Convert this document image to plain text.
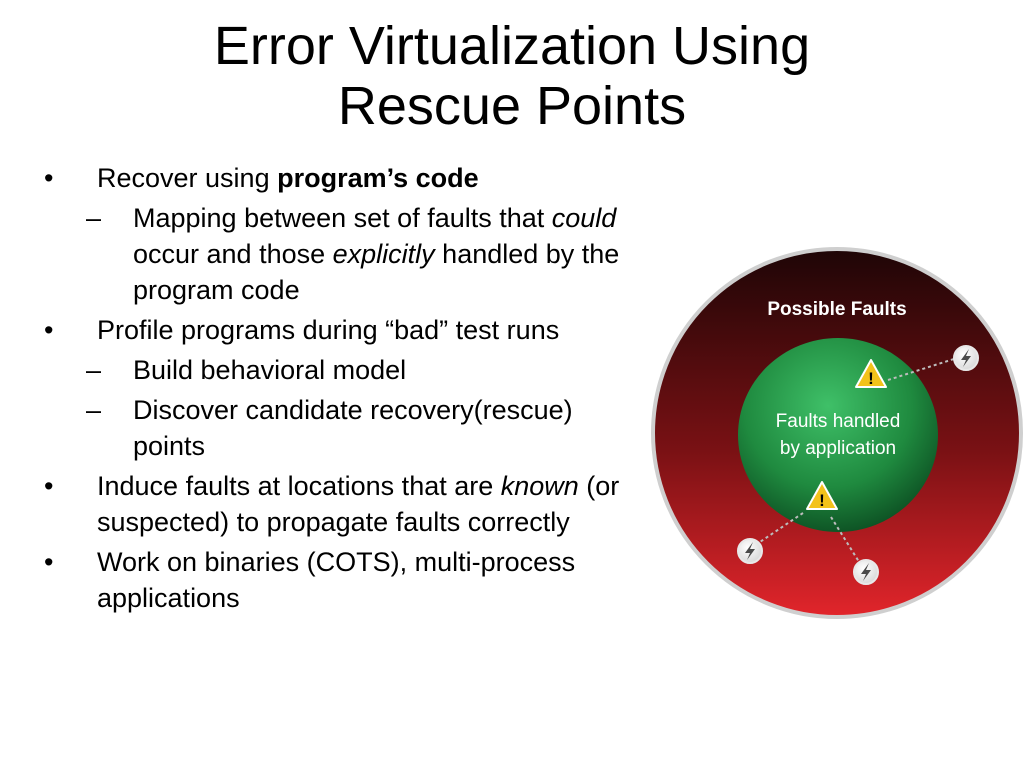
Error Virtualization Using
Rescue Points
• Recover using program’s code
– Mapping between set of faults that could occur and those explicitly handled by the program code
• Profile programs during “bad” test runs
– Build behavioral model
– Discover candidate recovery(rescue) points
• Induce faults at locations that are known (or suspected) to propagate faults correctly
• Work on binaries (COTS), multi-process applications
Possible Faults
Faults handled
by application
!
!
